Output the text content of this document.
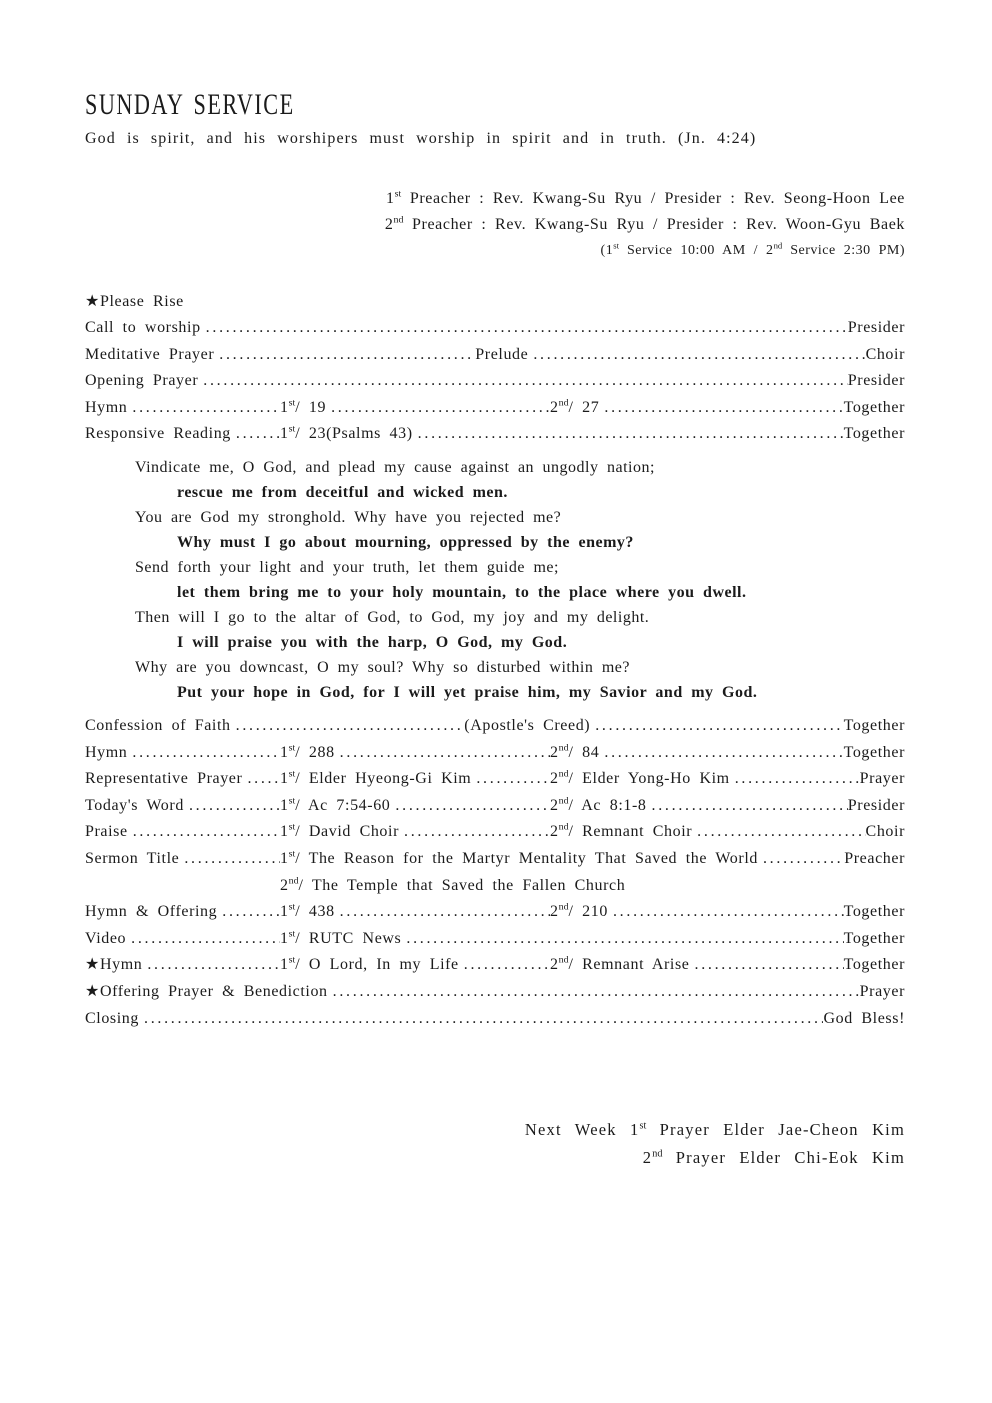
SUNDAY SERVICE

God is spirit, and his worshipers must worship in spirit and in truth. (Jn. 4:24)

1st Preacher : Rev. Kwang-Su Ryu / Presider : Rev. Seong-Hoon Lee
2nd Preacher : Rev. Kwang-Su Ryu / Presider : Rev. Woon-Gyu Baek
(1st Service 10:00 AM / 2nd Service 2:30 PM)
★Please Rise
Call to worship .....	Presider
Meditative Prayer .....	Prelude .....	Choir
Opening Prayer .....	Presider
Hymn .....	1st/ 19 .....	2nd/ 27 .....	Together
Responsive Reading .....	1st/ 23(Psalms 43) .....	Together
Vindicate me, O God, and plead my cause against an ungodly nation;
rescue me from deceitful and wicked men.
You are God my stronghold. Why have you rejected me?
Why must I go about mourning, oppressed by the enemy?
Send forth your light and your truth, let them guide me;
let them bring me to your holy mountain, to the place where you dwell.
Then will I go to the altar of God, to God, my joy and my delight.
I will praise you with the harp, O God, my God.
Why are you downcast, O my soul? Why so disturbed within me?
Put your hope in God, for I will yet praise him, my Savior and my God.
Confession of Faith .....	(Apostle's Creed) .....	Together
Hymn .....	1st/ 288 .....	2nd/ 84 .....	Together
Representative Prayer ..... 1st/ Elder Hyeong-Gi Kim .....	2nd/ Elder Yong-Ho Kim .....	Prayer
Today's Word .....	1st/ Ac 7:54-60 .....	2nd/ Ac 8:1-8 .....	Presider
Praise .....	1st/ David Choir .....	2nd/ Remnant Choir .....	Choir
Sermon Title .....	1st/ The Reason for the Martyr Mentality That Saved the World .....	Preacher
2nd/ The Temple that Saved the Fallen Church
Hymn & Offering .....	1st/ 438 .....	2nd/ 210 .....	Together
Video .....	1st/ RUTC News .....	Together
★Hymn .....	1st/ O Lord, In my Life .....	2nd/ Remnant Arise .....	Together
★Offering Prayer & Benediction .....	Prayer
Closing .....	God Bless!
Next Week 1st Prayer Elder Jae-Cheon Kim
2nd Prayer Elder Chi-Eok Kim
